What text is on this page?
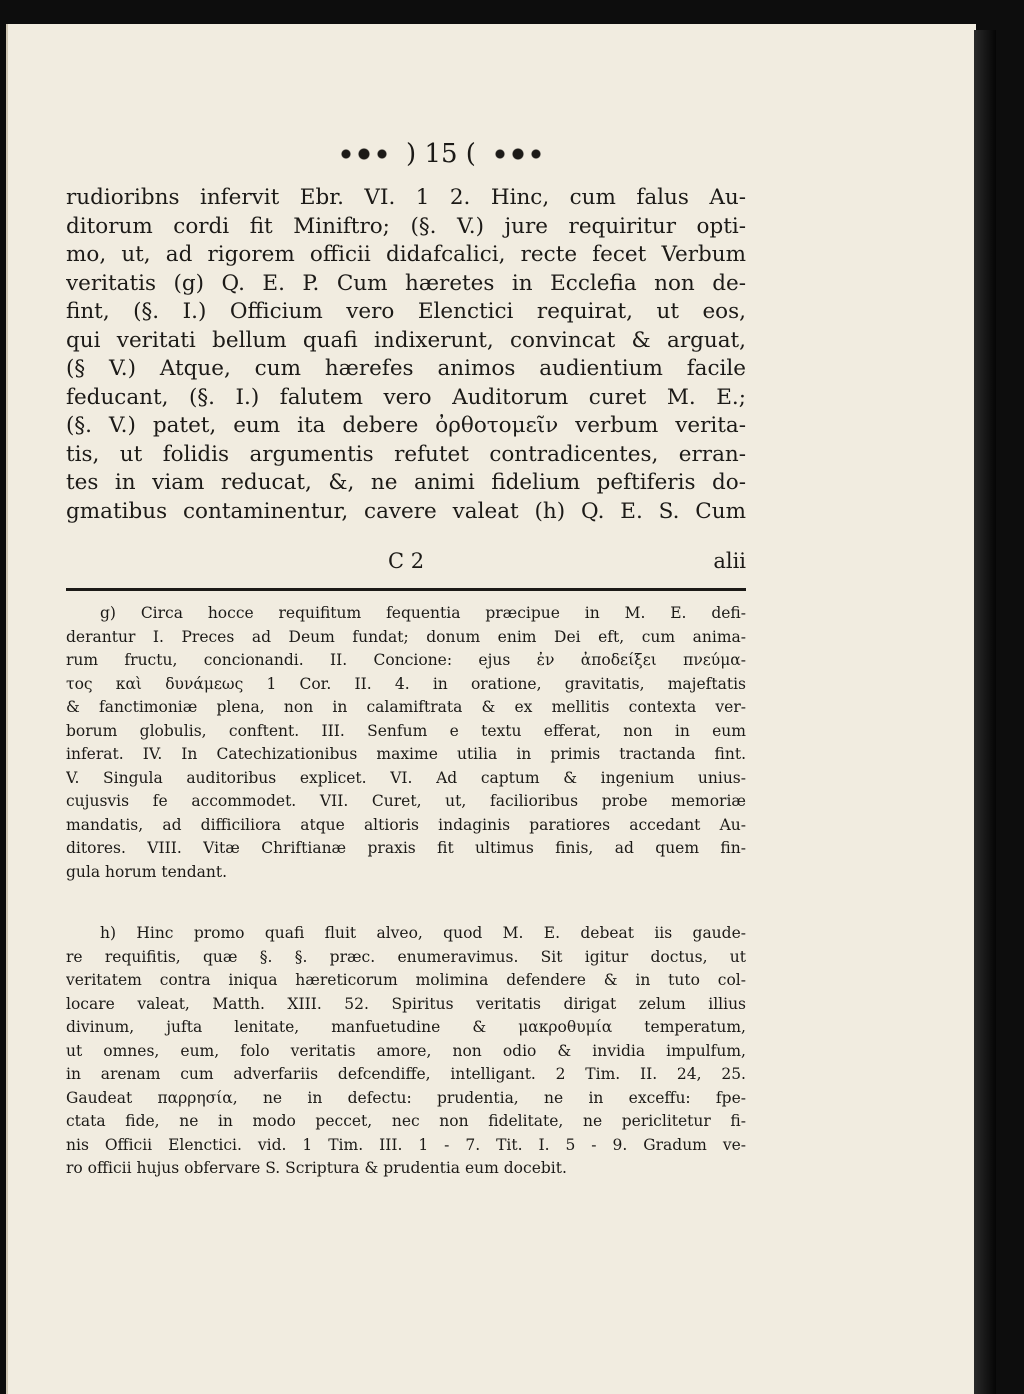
) 15 (
rudioribns infervit Ebr. VI. 1 2. Hinc, cum falus Au-
ditorum cordi fit Miniftro; (§. V.) jure requiritur opti-
mo, ut, ad rigorem officii didafcalici, recte fecet Verbum
veritatis (g) Q. E. P. Cum hæretes in Ecclefia non de-
fint, (§. I.) Officium vero Elenctici requirat, ut eos,
qui veritati bellum quafi indixerunt, convincat & arguat,
(§ V.) Atque, cum hærefes animos audientium facile
feducant, (§. I.) falutem vero Auditorum curet M. E.;
(§. V.) patet, eum ita debere ὀρθοτομεῖν verbum verita-
tis, ut folidis argumentis refutet contradicentes, erran-
tes in viam reducat, &, ne animi fidelium peftiferis do-
gmatibus contaminentur, cavere valeat (h) Q. E. S. Cum
C 2	alii
g) Circa hocce requifitum fequentia præcipue in M. E. defi-
derantur I. Preces ad Deum fundat; donum enim Dei eft, cum anima-
rum fructu, concionandi. II. Concione: ejus ἐν ἀποδείξει πνεύμα-
τος καὶ δυνάμεως 1 Cor. II. 4. in oratione, gravitatis, majeftatis
& fanctimoniæ plena, non in calamiftrata & ex mellitis contexta ver-
borum globulis, conftent. III. Senfum e textu efferat, non in eum
inferat. IV. In Catechizationibus maxime utilia in primis tractanda fint.
V. Singula auditoribus explicet. VI. Ad captum & ingenium unius-
cujusvis fe accommodet. VII. Curet, ut, facilioribus probe memoriæ
mandatis, ad difficiliora atque altioris indaginis paratiores accedant Au-
ditores. VIII. Vitæ Chriftianæ praxis fit ultimus finis, ad quem fin-
gula horum tendant.
h) Hinc promo quafi fluit alveo, quod M. E. debeat iis gaude-
re requifitis, quæ §. §. præc. enumeravimus. Sit igitur doctus, ut
veritatem contra iniqua hæreticorum molimina defendere & in tuto col-
locare valeat, Matth. XIII. 52. Spiritus veritatis dirigat zelum illius
divinum, jufta lenitate, manfuetudine & μακροθυμία temperatum,
ut omnes, eum, folo veritatis amore, non odio & invidia impulfum,
in arenam cum adverfariis defcendiffe, intelligant. 2 Tim. II. 24, 25.
Gaudeat παρρησία, ne in defectu: prudentia, ne in exceffu: fpe-
ctata fide, ne in modo peccet, nec non fidelitate, ne periclitetur fi-
nis Officii Elenctici. vid. 1 Tim. III. 1 - 7. Tit. I. 5 - 9. Gradum ve-
ro officii hujus obfervare S. Scriptura & prudentia eum docebit.
